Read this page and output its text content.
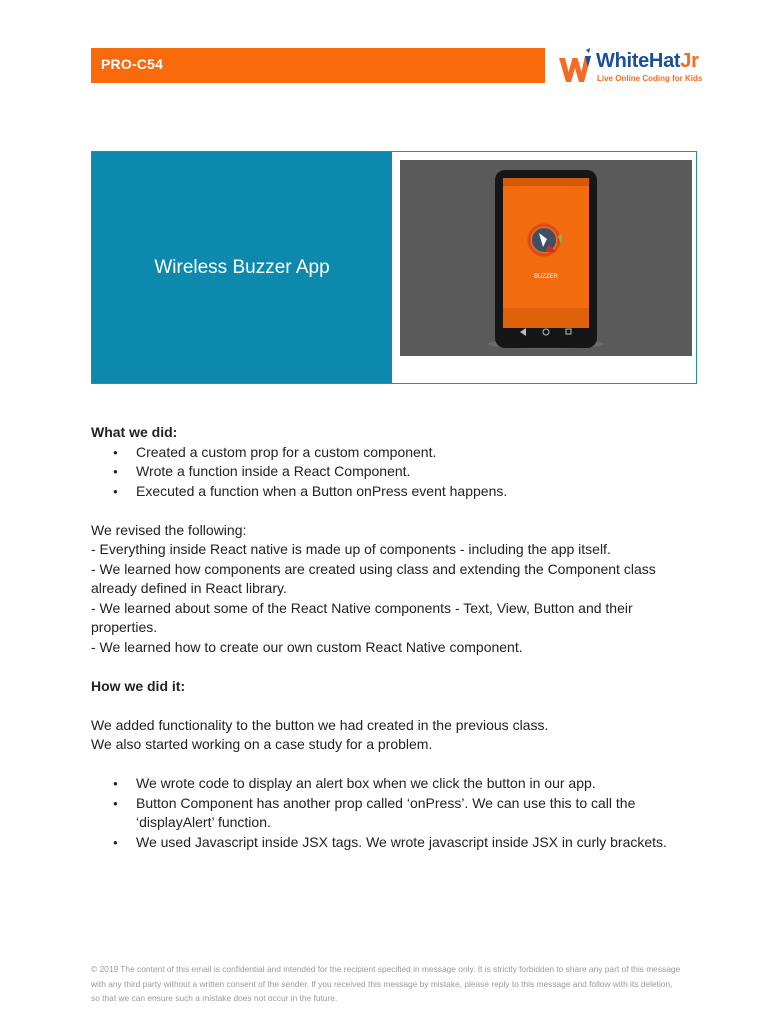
PRO-C54	WhiteHatJr
Live Online Coding for Kids
Wireless Buzzer App	BUZZER

What we did:

● Created a custom prop for a custom component.
● Wrote a function inside a React Component.
● Executed a function when a Button onPress event happens.

We revised the following:

- Everything inside React native is made up of components - including the app itself.

- We learned how components are created using class and extending the Component class already defined in React library.

- We learned about some of the React Native components - Text, View, Button and their properties.

- We learned how to create our own custom React Native component.

How we did it:

We added functionality to the button we had created in the previous class.

We also started working on a case study for a problem.

● We wrote code to display an alert box when we click the button in our app.
● Button Component has another prop called ‘onPress’. We can use this to call the ‘displayAlert’ function.
● We used Javascript inside JSX tags. We wrote javascript inside JSX in curly brackets.
© 2019 The content of this email is confidential and intended for the recipient specified in message only. It is strictly forbidden to share any part of this message with any third party without a written consent of the sender. If you received this message by mistake, please reply to this message and follow with its deletion, so that we can ensure such a mistake does not occur in the future.
